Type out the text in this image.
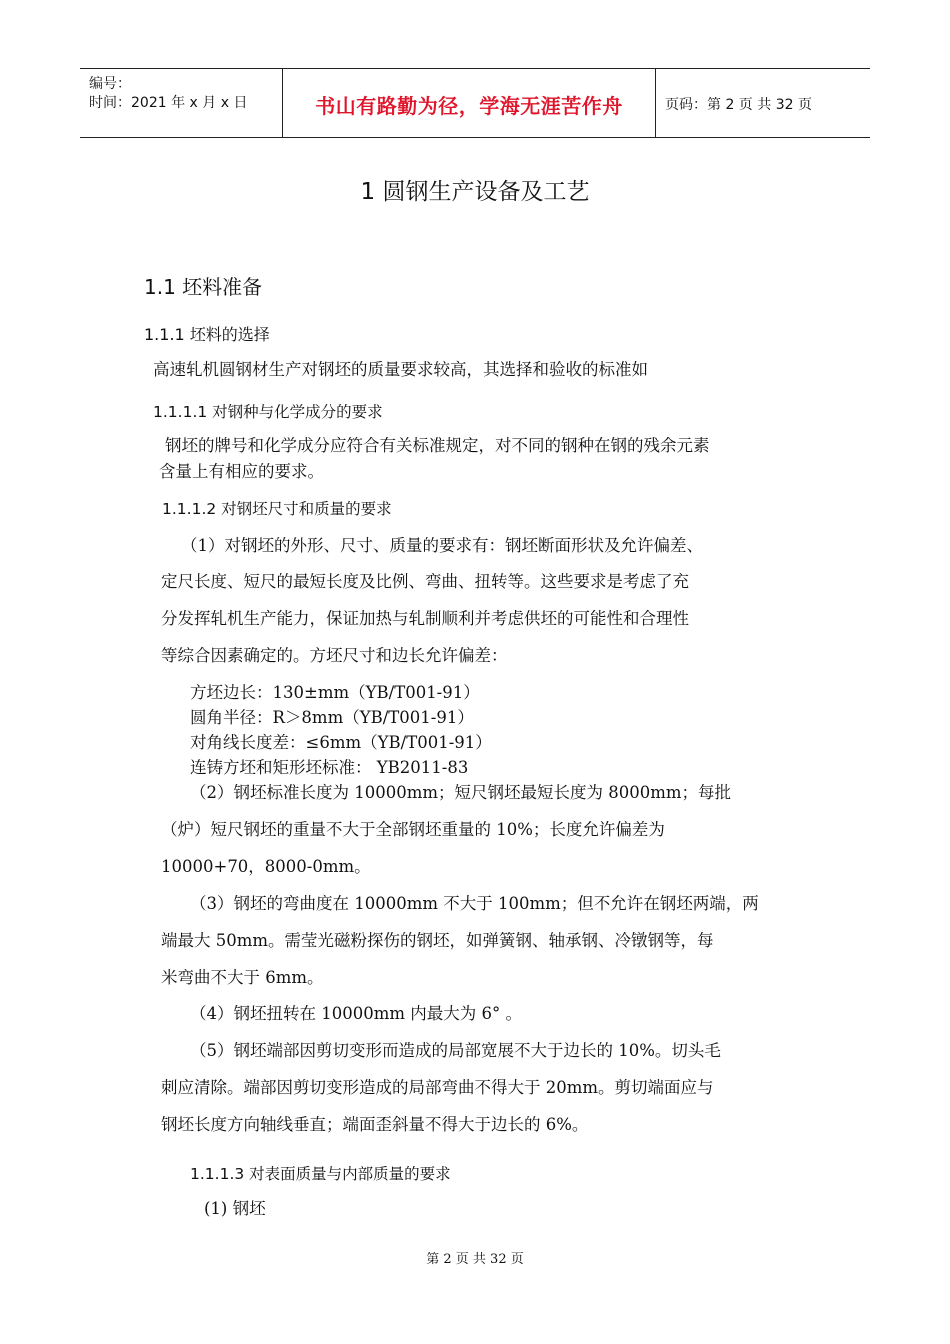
编号：
时间：2021 年 x 月 x 日	书山有路勤为径，学海无涯苦作舟	页码：第 2 页 共 32 页
1 圆钢生产设备及工艺
1.1 坯料准备
1.1.1 坯料的选择
高速轧机圆钢材生产对钢坯的质量要求较高，其选择和验收的标准如
1.1.1.1 对钢种与化学成分的要求
钢坯的牌号和化学成分应符合有关标准规定，对不同的钢种在钢的残余元素
含量上有相应的要求。
1.1.1.2 对钢坯尺寸和质量的要求
（1）对钢坯的外形、尺寸、质量的要求有：钢坯断面形状及允许偏差、
定尺长度、短尺的最短长度及比例、弯曲、扭转等。这些要求是考虑了充
分发挥轧机生产能力，保证加热与轧制顺利并考虑供坯的可能性和合理性
等综合因素确定的。方坯尺寸和边长允许偏差：
方坯边长：130±mm（YB/T001-91）
圆角半径：R＞8mm（YB/T001-91）
对角线长度差：≤6mm（YB/T001-91）
连铸方坯和矩形坯标准： YB2011-83
（2）钢坯标准长度为 10000mm；短尺钢坯最短长度为 8000mm；每批
（炉）短尺钢坯的重量不大于全部钢坯重量的 10%；长度允许偏差为
10000+70，8000-0mm。
（3）钢坯的弯曲度在 10000mm 不大于 100mm；但不允许在钢坯两端，两
端最大 50mm。需莹光磁粉探伤的钢坯，如弹簧钢、轴承钢、冷镦钢等，每
米弯曲不大于 6mm。
（4）钢坯扭转在 10000mm 内最大为 6° 。
（5）钢坯端部因剪切变形而造成的局部宽展不大于边长的 10%。切头毛
刺应清除。端部因剪切变形造成的局部弯曲不得大于 20mm。剪切端面应与
钢坯长度方向轴线垂直；端面歪斜量不得大于边长的 6%。
1.1.1.3 对表面质量与内部质量的要求
(1) 钢坯
第 2 页 共 32 页
